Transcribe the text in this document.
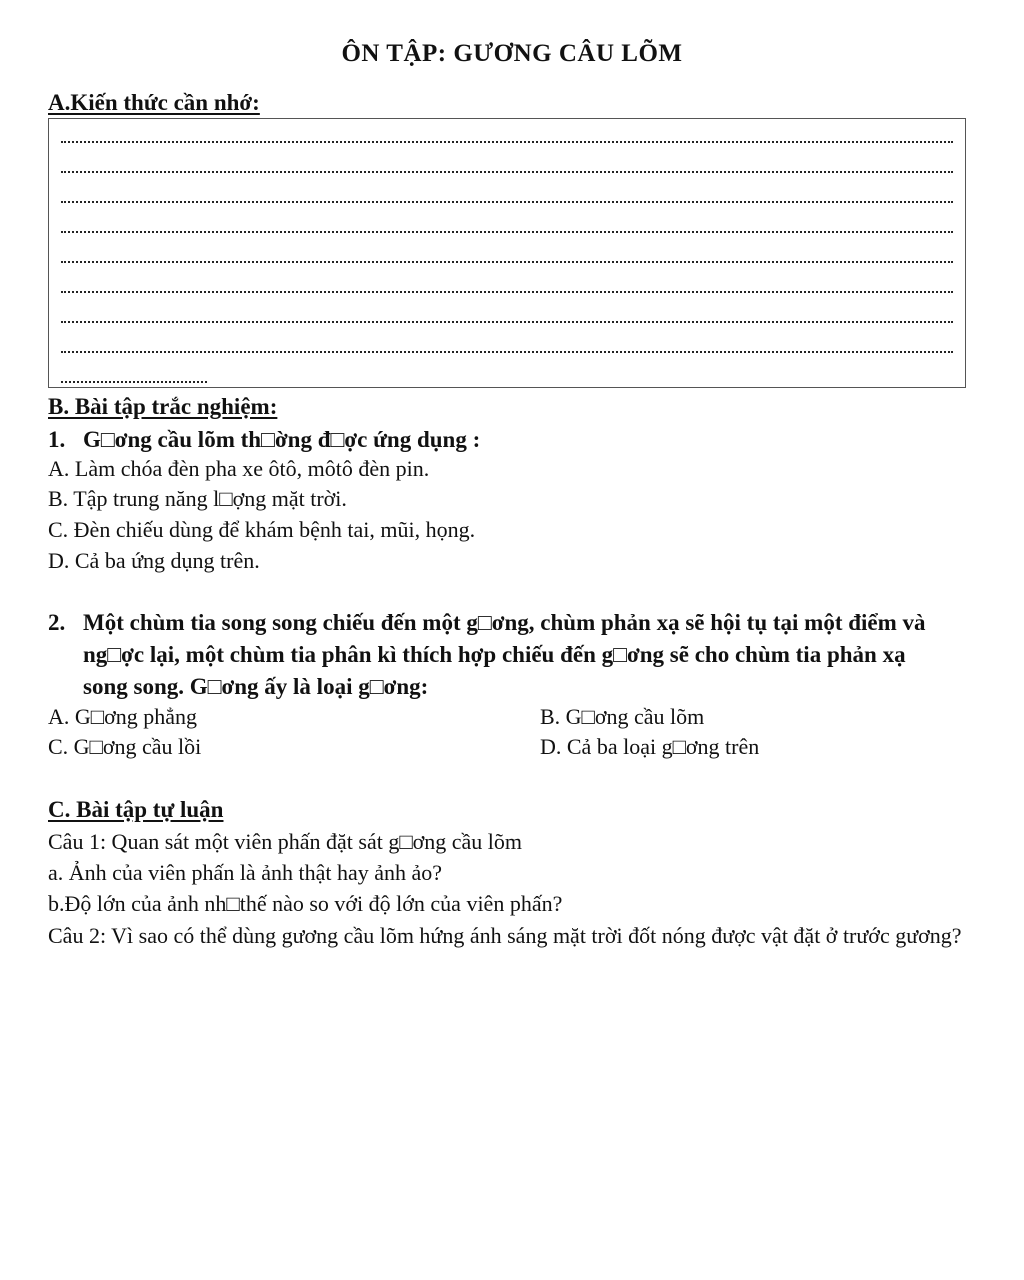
ÔN TẬP: GƯƠNG CÂU LÕM
A.Kiến thức cần nhớ:
B. Bài tập trắc nghiệm:
1. G□ơng cầu lõm th□ờng đ□ợc ứng dụng :
A. Làm chóa đèn pha xe ôtô, môtô đèn pin.
B. Tập trung năng l□ợng mặt trời.
C. Đèn chiếu dùng để khám bệnh tai, mũi, họng.
D. Cả ba ứng dụng trên.
2. Một chùm tia song song chiếu đến một g□ơng, chùm phản xạ sẽ hội tụ tại một điểm và ng□ợc lại, một chùm tia phân kì thích hợp chiếu đến g□ơng sẽ cho chùm tia phản xạ song song. G□ơng ấy là loại g□ơng:
A. G□ơng phẳng	B. G□ơng cầu lõm
C. G□ơng cầu lồi	D. Cả ba loại g□ơng trên
C. Bài tập tự luận
Câu 1: Quan sát một viên phấn đặt sát g□ơng cầu lõm
a. Ảnh của viên phấn là ảnh thật hay ảnh ảo?
b.Độ lớn của ảnh nh□thế nào so với độ lớn của viên phấn?
Câu 2: Vì sao có thể dùng gương cầu lõm hứng ánh sáng mặt trời đốt nóng được vật đặt ở trước gương?
